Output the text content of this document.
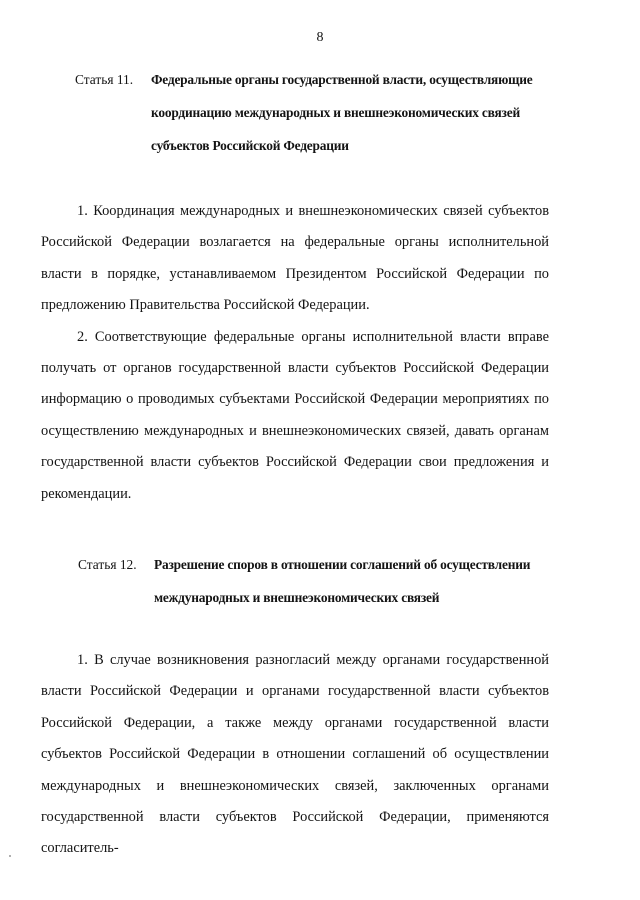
8
Статья 11. Федеральные органы государственной власти, осуществляющие
координацию международных и внешнеэкономических связей
субъектов Российской Федерации

1. Координация международных и внешнеэкономических связей субъектов Российской Федерации возлагается на федеральные органы исполнительной власти в порядке, устанавливаемом Президентом Российской Федерации по предложению Правительства Российской Федерации.

2. Соответствующие федеральные органы исполнительной власти вправе получать от органов государственной власти субъектов Российской Федерации информацию о проводимых субъектами Российской Федерации мероприятиях по осуществлению международных и внешнеэкономических связей, давать органам государственной власти субъектов Российской Федерации свои предложения и рекомендации.

Статья 12. Разрешение споров в отношении соглашений об осуществлении
международных и внешнеэкономических связей

1. В случае возникновения разногласий между органами государственной власти Российской Федерации и органами государственной власти субъектов Российской Федерации, а также между органами государственной власти субъектов Российской Федерации в отношении соглашений об осуществлении международных и внешнеэкономических связей, заключенных органами государственной власти субъектов Российской Федерации, применяются согласитель-
